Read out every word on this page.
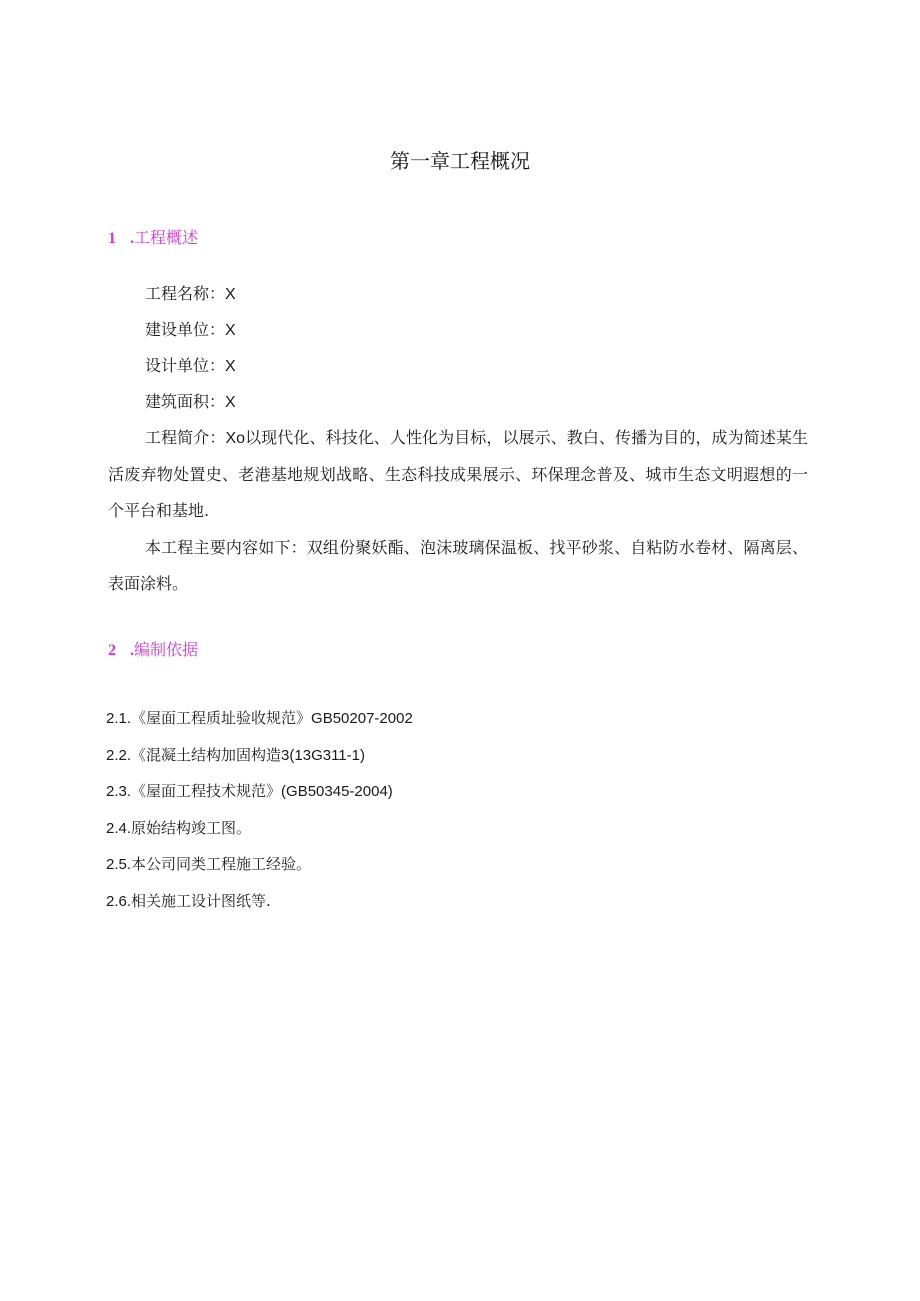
第一章工程概况
1 .工程概述
工程名称：X
建设单位：X
设计单位：X
建筑面积：X

工程简介：Xo以现代化、科技化、人性化为目标，以展示、教白、传播为目的，成为简述某生活废弃物处置史、老港基地规划战略、生态科技成果展示、环保理念普及、城市生态文明遐想的一个平台和基地.

本工程主要内容如下：双组份聚妖酯、泡沫玻璃保温板、找平砂浆、自粘防水卷材、隔离层、表面涂料。

2 .编制依据
2.1.《屋面工程质址验收规范》GB50207-2002
2.2.《混凝土结构加固构造3(13G311-1)
2.3.《屋面工程技术规范》(GB50345-2004)
2.4.原始结构竣工图。
2.5.本公司同类工程施工经验。
2.6.相关施工设计图纸等.
